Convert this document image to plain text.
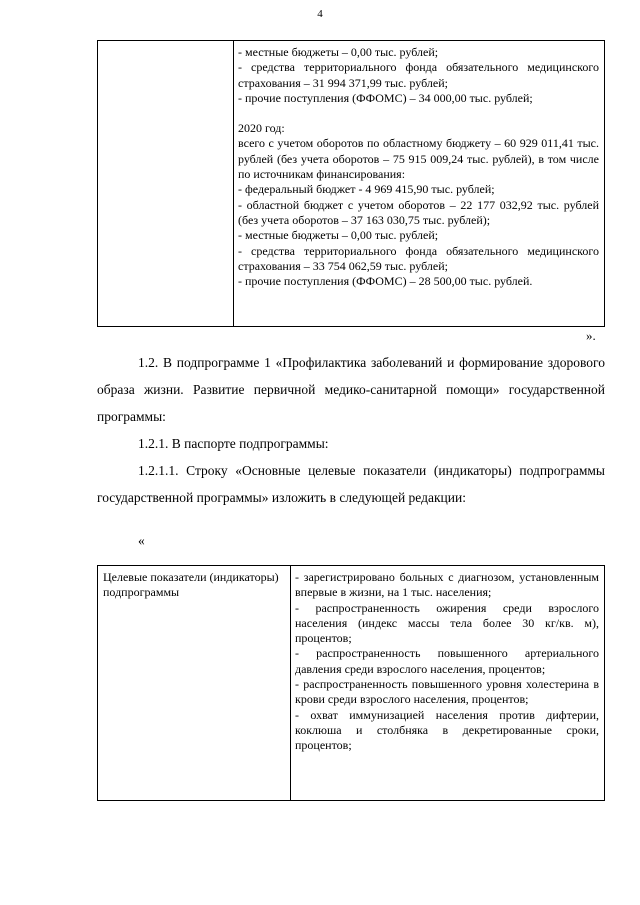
4

- местные бюджеты – 0,00 тыс. рублей;
- средства территориального фонда обязательного медицинского страхования – 31 994 371,99 тыс. рублей;
- прочие поступления (ФФОМС) – 34 000,00 тыс. рублей;
2020 год:
всего с учетом оборотов по областному бюджету – 60 929 011,41 тыс. рублей (без учета оборотов – 75 915 009,24 тыс. рублей), в том числе по источникам финансирования:
- федеральный бюджет - 4 969 415,90 тыс. рублей;
- областной бюджет с учетом оборотов – 22 177 032,92 тыс. рублей (без учета оборотов – 37 163 030,75 тыс. рублей);
- местные бюджеты – 0,00 тыс. рублей;
- средства территориального фонда обязательного медицинского страхования – 33 754 062,59 тыс. рублей;
- прочие поступления (ФФОМС) – 28 500,00 тыс. рублей.
».
1.2. В подпрограмме 1 «Профилактика заболеваний и формирование здорового образа жизни. Развитие первичной медико-санитарной помощи» государственной программы:
1.2.1. В паспорте подпрограммы:
1.2.1.1. Строку «Основные целевые показатели (индикаторы) подпрограммы государственной программы» изложить в следующей редакции:
«
Целевые показатели (индикаторы) подпрограммы	
- зарегистрировано больных с диагнозом, установленным впервые в жизни, на 1 тыс. населения;
- распространенность ожирения среди взрослого населения (индекс массы тела более 30 кг/кв. м), процентов;
- распространенность повышенного артериального давления среди взрослого населения, процентов;
- распространенность повышенного уровня холестерина в крови среди взрослого населения, процентов;
- охват иммунизацией населения против дифтерии, коклюша и столбняка в декретированные сроки, процентов;
